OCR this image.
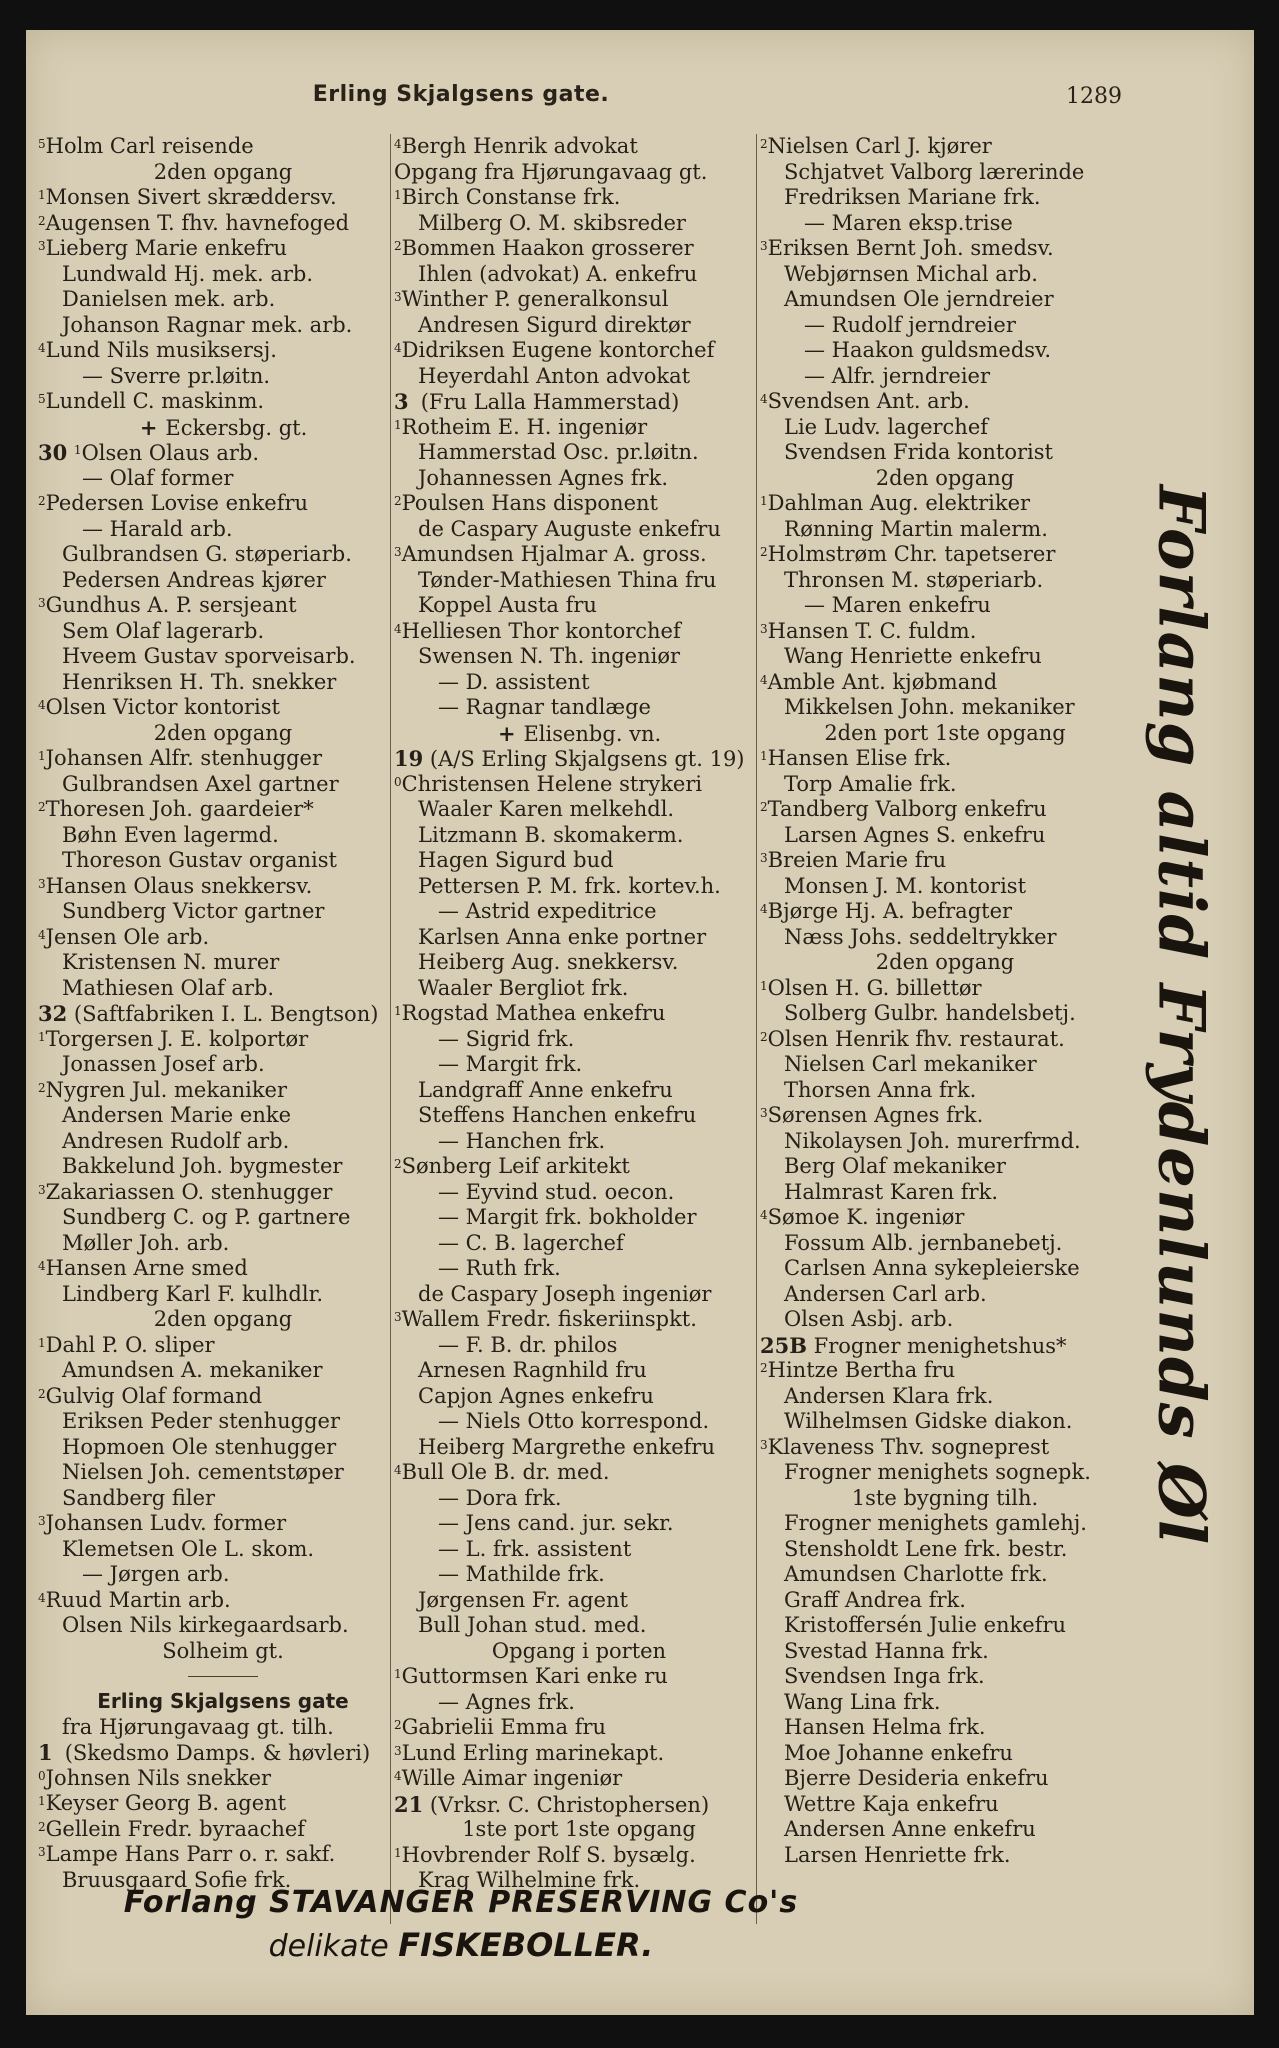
Erling Skjalgsens gate.	1289
$^5$Holm Carl reisende
2den opgang
$^1$Monsen Sivert skræddersv.
$^2$Augensen T. fhv. havnefoged
$^3$Lieberg Marie enkefru
Lundwald Hj. mek. arb.
Danielsen mek. arb.
Johanson Ragnar mek. arb.
$^4$Lund Nils musiksersj.
— Sverre pr.løitn.
$^5$Lundell C. maskinm.
+ Eckersbg. gt.
30 $^1$Olsen Olaus arb.
— Olaf former
$^2$Pedersen Lovise enkefru
— Harald arb.
Gulbrandsen G. støperiarb.
Pedersen Andreas kjører
$^3$Gundhus A. P. sersjeant
Sem Olaf lagerarb.
Hveem Gustav sporveisarb.
Henriksen H. Th. snekker
$^4$Olsen Victor kontorist
2den opgang
$^1$Johansen Alfr. stenhugger
Gulbrandsen Axel gartner
$^2$Thoresen Joh. gaardeier*
Bøhn Even lagermd.
Thoreson Gustav organist
$^3$Hansen Olaus snekkersv.
Sundberg Victor gartner
$^4$Jensen Ole arb.
Kristensen N. murer
Mathiesen Olaf arb.
32 (Saftfabriken I. L. Bengtson)
$^1$Torgersen J. E. kolportør
Jonassen Josef arb.
$^2$Nygren Jul. mekaniker
Andersen Marie enke
Andresen Rudolf arb.
Bakkelund Joh. bygmester
$^3$Zakariassen O. stenhugger
Sundberg C. og P. gartnere
Møller Joh. arb.
$^4$Hansen Arne smed
Lindberg Karl F. kulhdlr.
2den opgang
$^1$Dahl P. O. sliper
Amundsen A. mekaniker
$^2$Gulvig Olaf formand
Eriksen Peder stenhugger
Hopmoen Ole stenhugger
Nielsen Joh. cementstøper
Sandberg filer
$^3$Johansen Ludv. former
Klemetsen Ole L. skom.
— Jørgen arb.
$^4$Ruud Martin arb.
Olsen Nils kirkegaardsarb.
Solheim gt.
Erling Skjalgsens gate
fra Hjørungavaag gt. tilh.
1 (Skedsmo Damps. & høvleri)
$^0$Johnsen Nils snekker
$^1$Keyser Georg B. agent
$^2$Gellein Fredr. byraachef
$^3$Lampe Hans Parr o. r. sakf.
Bruusgaard Sofie frk.
$^4$Bergh Henrik advokat
Opgang fra Hjørungavaag gt.
$^1$Birch Constanse frk.
Milberg O. M. skibsreder
$^2$Bommen Haakon grosserer
Ihlen (advokat) A. enkefru
$^3$Winther P. generalkonsul
Andresen Sigurd direktør
$^4$Didriksen Eugene kontorchef
Heyerdahl Anton advokat
3 (Fru Lalla Hammerstad)
$^1$Rotheim E. H. ingeniør
Hammerstad Osc. pr.løitn.
Johannessen Agnes frk.
$^2$Poulsen Hans disponent
de Caspary Auguste enkefru
$^3$Amundsen Hjalmar A. gross.
Tønder-Mathiesen Thina fru
Koppel Austa fru
$^4$Helliesen Thor kontorchef
Swensen N. Th. ingeniør
— D. assistent
— Ragnar tandlæge
+ Elisenbg. vn.
19 (A/S Erling Skjalgsens gt. 19)
$^0$Christensen Helene strykeri
Waaler Karen melkehdl.
Litzmann B. skomakerm.
Hagen Sigurd bud
Pettersen P. M. frk. kortev.h.
— Astrid expeditrice
Karlsen Anna enke portner
Heiberg Aug. snekkersv.
Waaler Bergliot frk.
$^1$Rogstad Mathea enkefru
— Sigrid frk.
— Margit frk.
Landgraff Anne enkefru
Steffens Hanchen enkefru
— Hanchen frk.
$^2$Sønberg Leif arkitekt
— Eyvind stud. oecon.
— Margit frk. bokholder
— C. B. lagerchef
— Ruth frk.
de Caspary Joseph ingeniør
$^3$Wallem Fredr. fiskeriinspkt.
— F. B. dr. philos
Arnesen Ragnhild fru
Capjon Agnes enkefru
— Niels Otto korrespond.
Heiberg Margrethe enkefru
$^4$Bull Ole B. dr. med.
— Dora frk.
— Jens cand. jur. sekr.
— L. frk. assistent
— Mathilde frk.
Jørgensen Fr. agent
Bull Johan stud. med.
Opgang i porten
$^1$Guttormsen Kari enke ru
— Agnes frk.
$^2$Gabrielii Emma fru
$^3$Lund Erling marinekapt.
$^4$Wille Aimar ingeniør
21 (Vrksr. C. Christophersen)
1ste port 1ste opgang
$^1$Hovbrender Rolf S. bysælg.
Krag Wilhelmine frk.
$^2$Nielsen Carl J. kjører
Schjatvet Valborg lærerinde
Fredriksen Mariane frk.
— Maren eksp.trise
$^3$Eriksen Bernt Joh. smedsv.
Webjørnsen Michal arb.
Amundsen Ole jerndreier
— Rudolf jerndreier
— Haakon guldsmedsv.
— Alfr. jerndreier
$^4$Svendsen Ant. arb.
Lie Ludv. lagerchef
Svendsen Frida kontorist
2den opgang
$^1$Dahlman Aug. elektriker
Rønning Martin malerm.
$^2$Holmstrøm Chr. tapetserer
Thronsen M. støperiarb.
— Maren enkefru
$^3$Hansen T. C. fuldm.
Wang Henriette enkefru
$^4$Amble Ant. kjøbmand
Mikkelsen John. mekaniker
2den port 1ste opgang
$^1$Hansen Elise frk.
Torp Amalie frk.
$^2$Tandberg Valborg enkefru
Larsen Agnes S. enkefru
$^3$Breien Marie fru
Monsen J. M. kontorist
$^4$Bjørge Hj. A. befragter
Næss Johs. seddeltrykker
2den opgang
$^1$Olsen H. G. billettør
Solberg Gulbr. handelsbetj.
$^2$Olsen Henrik fhv. restaurat.
Nielsen Carl mekaniker
Thorsen Anna frk.
$^3$Sørensen Agnes frk.
Nikolaysen Joh. murerfrmd.
Berg Olaf mekaniker
Halmrast Karen frk.
$^4$Sømoe K. ingeniør
Fossum Alb. jernbanebetj.
Carlsen Anna sykepleierske
Andersen Carl arb.
Olsen Asbj. arb.
25B Frogner menighetshus*
$^2$Hintze Bertha fru
Andersen Klara frk.
Wilhelmsen Gidske diakon.
$^3$Klaveness Thv. sogneprest
Frogner menighets sognepk.
1ste bygning tilh.
Frogner menighets gamlehj.
Stensholdt Lene frk. bestr.
Amundsen Charlotte frk.
Graff Andrea frk.
Kristoffersén Julie enkefru
Svestad Hanna frk.
Svendsen Inga frk.
Wang Lina frk.
Hansen Helma frk.
Moe Johanne enkefru
Bjerre Desideria enkefru
Wettre Kaja enkefru
Andersen Anne enkefru
Larsen Henriette frk.
Forlang altid Frydenlunds Øl
Forlang STAVANGER PRESERVING Co's
delikate FISKEBOLLER.
